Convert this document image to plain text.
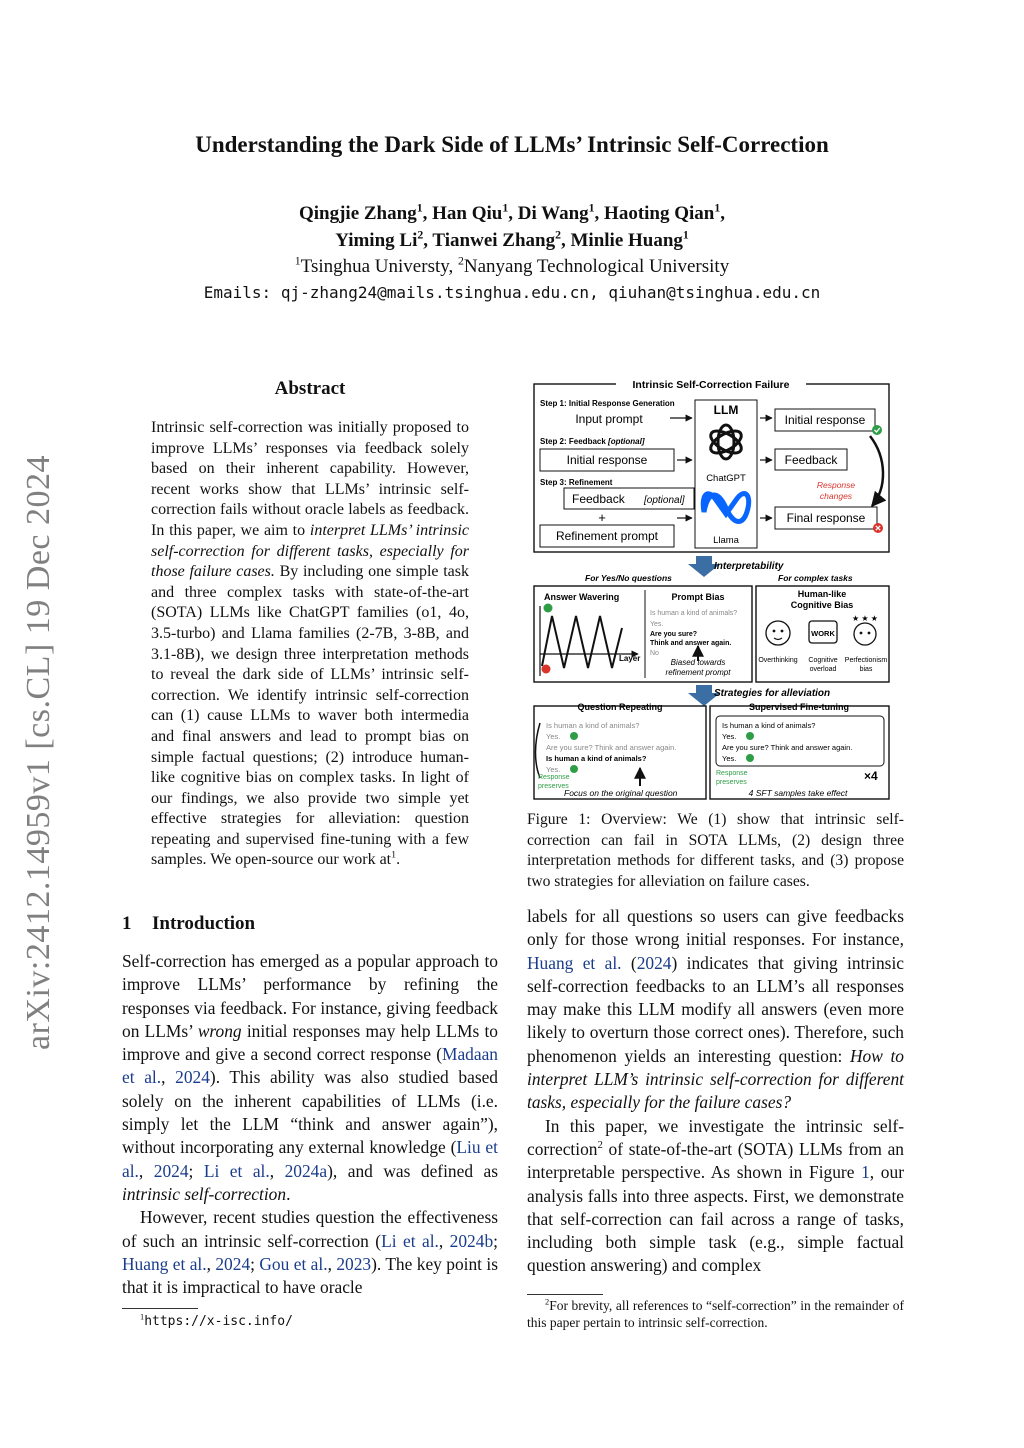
Understanding the Dark Side of LLMs’ Intrinsic Self-Correction
Qingjie Zhang$^1$, Han Qiu$^1$, Di Wang$^1$, Haoting Qian$^1$,
Yiming Li$^2$, Tianwei Zhang$^2$, Minlie Huang$^1$
$^1$Tsinghua Universty, $^2$Nanyang Technological University
Emails: qj-zhang24@mails.tsinghua.edu.cn, qiuhan@tsinghua.edu.cn
arXiv:2412.14959v1 [cs.CL] 19 Dec 2024
Abstract
Intrinsic self-correction was initially proposed to improve LLMs’ responses via feedback solely based on their inherent capability. However, recent works show that LLMs’ intrinsic self-correction fails without oracle labels as feedback. In this paper, we aim to interpret LLMs’ intrinsic self-correction for different tasks, especially for those failure cases. By including one simple task and three complex tasks with state-of-the-art (SOTA) LLMs like ChatGPT families (o1, 4o, 3.5-turbo) and Llama families (2-7B, 3-8B, and 3.1-8B), we design three interpretation methods to reveal the dark side of LLMs’ intrinsic self-correction. We identify intrinsic self-correction can (1) cause LLMs to waver both intermedia and final answers and lead to prompt bias on simple factual questions; (2) introduce human-like cognitive bias on complex tasks. In light of our findings, we also provide two simple yet effective strategies for alleviation: question repeating and supervised fine-tuning with a few samples. We open-source our work $at^1$.
1 Introduction

Self-correction has emerged as a popular approach to improve LLMs’ performance by refining the responses via feedback. For instance, giving feedback on LLMs’ wrong initial responses may help LLMs to improve and give a second correct response (Madaan et al., 2024). This ability was also studied based solely on the inherent capabilities of LLMs (i.e. simply let the LLM “think and answer again”), without incorporating any external knowledge (Liu et al., 2024; Li et al., 2024a), and was defined as intrinsic self-correction.

However, recent studies question the effectiveness of such an intrinsic self-correction (Li et al., 2024b; Huang et al., 2024; Gou et al., 2023). The key point is that it is impractical to have oracle

$^1$https://x-isc.info/

labels for all questions so users can give feedbacks only for those wrong initial responses. For instance, Huang et al. (2024) indicates that giving intrinsic self-correction feedbacks to an LLM’s all responses may make this LLM modify all answers (even more likely to overturn those correct ones). Therefore, such phenomenon yields an interesting question: How to interpret LLM’s intrinsic self-correction for different tasks, especially for the failure cases?

In this paper, we investigate the intrinsic self-correction$^2$ of state-of-the-art (SOTA) LLMs from an interpretable perspective. As shown in Figure 1, our analysis falls into three aspects. First, we demonstrate that self-correction can fail across a range of tasks, including both simple task (e.g., simple factual question answering) and complex

$^2$For brevity, all references to “self-correction” in the remainder of this paper pertain to intrinsic self-correction.
Figure 1: Overview: We (1) show that intrinsic self-correction can fail in SOTA LLMs, (2) design three interpretation methods for different tasks, and (3) propose two strategies for alleviation on failure cases.
Intrinsic Self-Correction Failure
Step 1: Initial Response Generation
Input prompt
Step 2: Feedback [optional]
Initial response
Step 3: Refinement
Feedback [optional]
+
Refinement prompt
LLM
ChatGPT
Llama
Initial response
Feedback
Response
changes
Final response
Interpretability
For Yes/No questions	For complex tasks
Answer Wavering
Layer
Prompt Bias
Is human a kind of animals?
Yes.
Are you sure?
Think and answer again.
No
Biased towards
refinement prompt
Human-like
Cognitive Bias
WORK
★ ★ ★
Overthinking Cognitive
overload
Perfectionism
bias
Strategies for alleviation
Question Repeating
Is human a kind of animals?
Yes.
Are you sure? Think and answer again.
Is human a kind of animals?
Yes.
Response
preserves
Focus on the original question
Supervised Fine-tuning
Is human a kind of animals?
Yes.
Are you sure? Think and answer again.
Yes.
Response
preserves	×4
4 SFT samples take effect
